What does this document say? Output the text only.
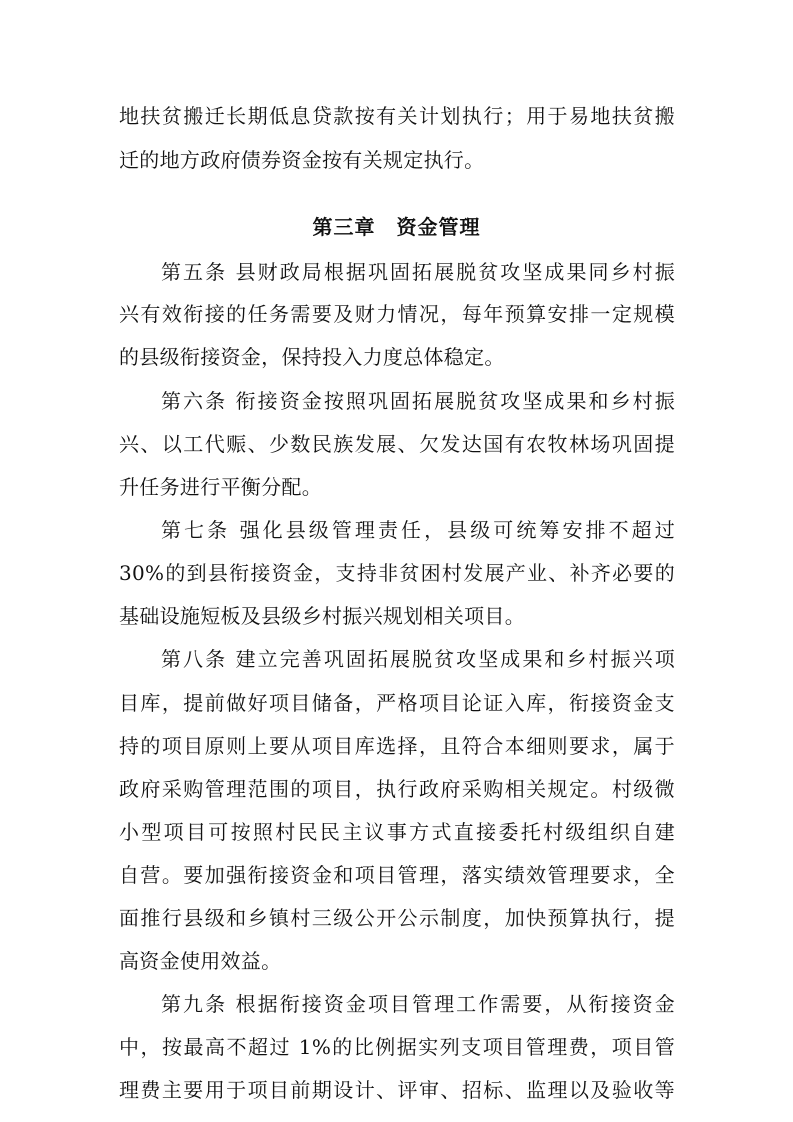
地扶贫搬迁长期低息贷款按有关计划执行；用于易地扶贫搬
迁的地方政府债券资金按有关规定执行。
第三章　资金管理
第五条 县财政局根据巩固拓展脱贫攻坚成果同乡村振
兴有效衔接的任务需要及财力情况，每年预算安排一定规模
的县级衔接资金，保持投入力度总体稳定。
第六条 衔接资金按照巩固拓展脱贫攻坚成果和乡村振
兴、以工代赈、少数民族发展、欠发达国有农牧林场巩固提
升任务进行平衡分配。
第七条 强化县级管理责任，县级可统筹安排不超过
30%的到县衔接资金，支持非贫困村发展产业、补齐必要的
基础设施短板及县级乡村振兴规划相关项目。
第八条 建立完善巩固拓展脱贫攻坚成果和乡村振兴项
目库，提前做好项目储备，严格项目论证入库，衔接资金支
持的项目原则上要从项目库选择，且符合本细则要求，属于
政府采购管理范围的项目，执行政府采购相关规定。村级微
小型项目可按照村民民主议事方式直接委托村级组织自建
自营。要加强衔接资金和项目管理，落实绩效管理要求，全
面推行县级和乡镇村三级公开公示制度，加快预算执行，提
高资金使用效益。
第九条 根据衔接资金项目管理工作需要，从衔接资金
中，按最高不超过 1%的比例据实列支项目管理费，项目管
理费主要用于项目前期设计、评审、招标、监理以及验收等
